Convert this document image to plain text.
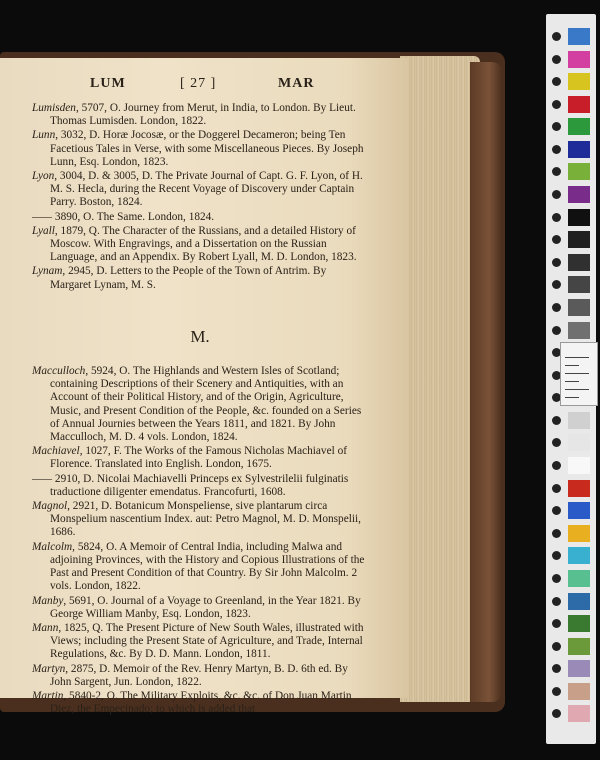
LUM	[ 27 ]	MAR
Lumisden, 5707, O. Journey from Merut, in India, to London. By Lieut. Thomas Lumisden. London, 1822.
Lunn, 3032, D. Horæ Jocosæ, or the Doggerel Decameron; being Ten Facetious Tales in Verse, with some Miscellaneous Pieces. By Joseph Lunn, Esq. London, 1823.
Lyon, 3004, D. & 3005, D. The Private Journal of Capt. G. F. Lyon, of H. M. S. Hecla, during the Recent Voyage of Discovery under Captain Parry. Boston, 1824.
—— 3890, O. The Same. London, 1824.
Lyall, 1879, Q. The Character of the Russians, and a detailed History of Moscow. With Engravings, and a Dissertation on the Russian Language, and an Appendix. By Robert Lyall, M. D. London, 1823.
Lynam, 2945, D. Letters to the People of the Town of Antrim. By Margaret Lynam, M. S.
M.
Macculloch, 5924, O. The Highlands and Western Isles of Scotland; containing Descriptions of their Scenery and Antiquities, with an Account of their Political History, and of the Origin, Agriculture, Music, and Present Condition of the People, &c. founded on a Series of Annual Journies between the Years 1811, and 1821. By John Macculloch, M. D. 4 vols. London, 1824.
Machiavel, 1027, F. The Works of the Famous Nicholas Machiavel of Florence. Translated into English. London, 1675.
—— 2910, D. Nicolai Machiavelli Princeps ex Sylvestrilelii fulginatis traductione diligenter emendatus. Francofurti, 1608.
Magnol, 2921, D. Botanicum Monspeliense, sive plantarum circa Monspelium nascentium Index. aut: Petro Magnol, M. D. Monspelii, 1686.
Malcolm, 5824, O. A Memoir of Central India, including Malwa and adjoining Provinces, with the History and Copious Illustrations of the Past and Present Condition of that Country. By Sir John Malcolm. 2 vols. London, 1822.
Manby, 5691, O. Journal of a Voyage to Greenland, in the Year 1821. By George William Manby, Esq. London, 1823.
Mann, 1825, Q. The Present Picture of New South Wales, illustrated with Views; including the Present State of Agriculture, and Trade, Internal Regulations, &c. By D. D. Mann. London, 1811.
Martyn, 2875, D. Memoir of the Rev. Henry Martyn, B. D. 6th ed. By John Sargent, Jun. London, 1822.
Martin, 5840-2, O. The Military Exploits, &c. &c. of Don Juan Martin Diez, the Empecinado; to which is added that
